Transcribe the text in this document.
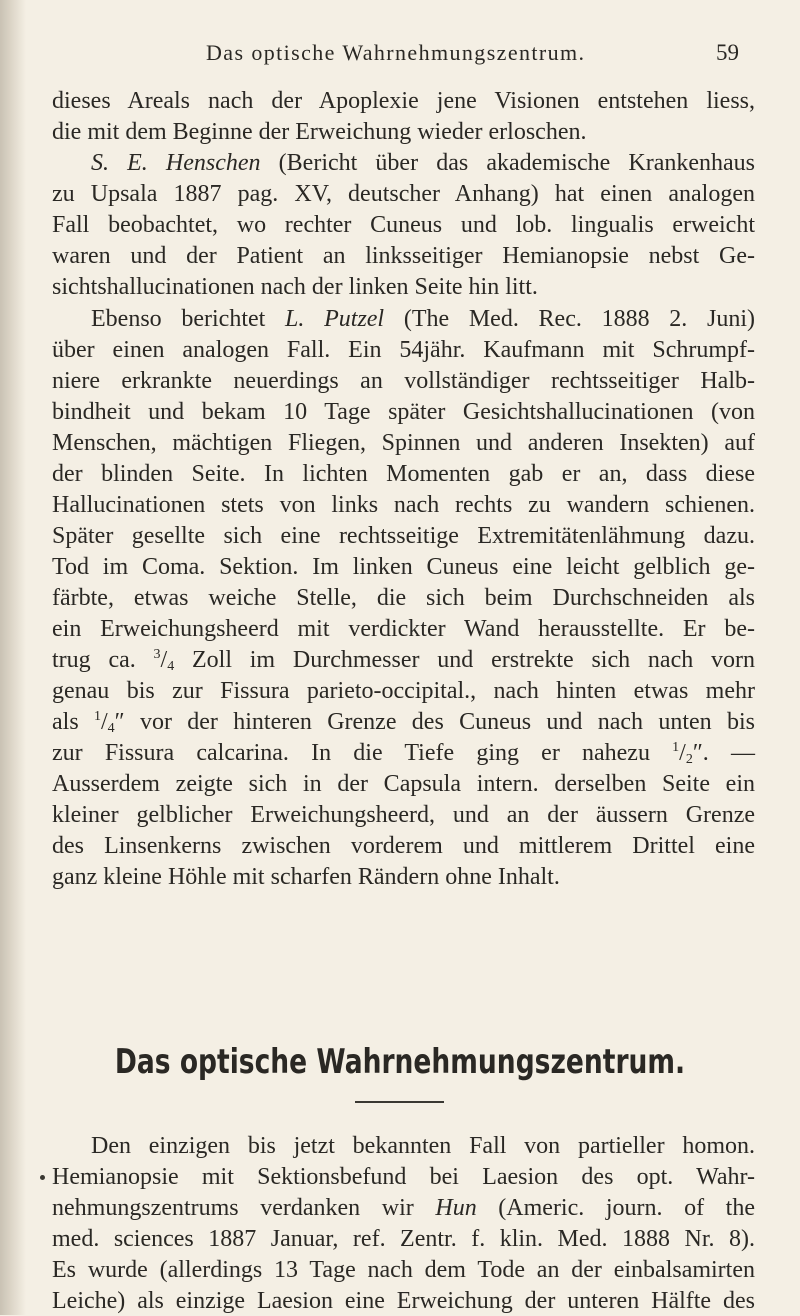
Das optische Wahrnehmungszentrum.	59
dieses Areals nach der Apoplexie jene Visionen entstehen liess,
die mit dem Beginne der Erweichung wieder erloschen.
S. E. Henschen (Bericht über das akademische Krankenhaus
zu Upsala 1887 pag. XV, deutscher Anhang) hat einen analogen
Fall beobachtet, wo rechter Cuneus und lob. lingualis erweicht
waren und der Patient an linksseitiger Hemianopsie nebst Ge-
sichtshallucinationen nach der linken Seite hin litt.
Ebenso berichtet L. Putzel (The Med. Rec. 1888 2. Juni)
über einen analogen Fall. Ein 54jähr. Kaufmann mit Schrumpf-
niere erkrankte neuerdings an vollständiger rechtsseitiger Halb-
bindheit und bekam 10 Tage später Gesichtshallucinationen (von
Menschen, mächtigen Fliegen, Spinnen und anderen Insekten) auf
der blinden Seite. In lichten Momenten gab er an, dass diese
Hallucinationen stets von links nach rechts zu wandern schienen.
Später gesellte sich eine rechtsseitige Extremitätenlähmung dazu.
Tod im Coma. Sektion. Im linken Cuneus eine leicht gelblich ge-
färbte, etwas weiche Stelle, die sich beim Durchschneiden als
ein Erweichungsheerd mit verdickter Wand herausstellte. Er be-
trug ca. $^3/_4$ Zoll im Durchmesser und erstrekte sich nach vorn
genau bis zur Fissura parieto-occipital., nach hinten etwas mehr
als $^1/_4''$ vor der hinteren Grenze des Cuneus und nach unten bis
zur Fissura calcarina. In die Tiefe ging er nahezu $^1/_2''$. —
Ausserdem zeigte sich in der Capsula intern. derselben Seite ein
kleiner gelblicher Erweichungsheerd, und an der äussern Grenze
des Linsenkerns zwischen vorderem und mittlerem Drittel eine
ganz kleine Höhle mit scharfen Rändern ohne Inhalt.
Das optische Wahrnehmungszentrum.
Den einzigen bis jetzt bekannten Fall von partieller homon.
Hemianopsie mit Sektionsbefund bei Laesion des opt. Wahr-
nehmungszentrums verdanken wir Hun (Americ. journ. of the
med. sciences 1887 Januar, ref. Zentr. f. klin. Med. 1888 Nr. 8).
Es wurde (allerdings 13 Tage nach dem Tode an der einbalsamirten
Leiche) als einzige Laesion eine Erweichung der unteren Hälfte des
